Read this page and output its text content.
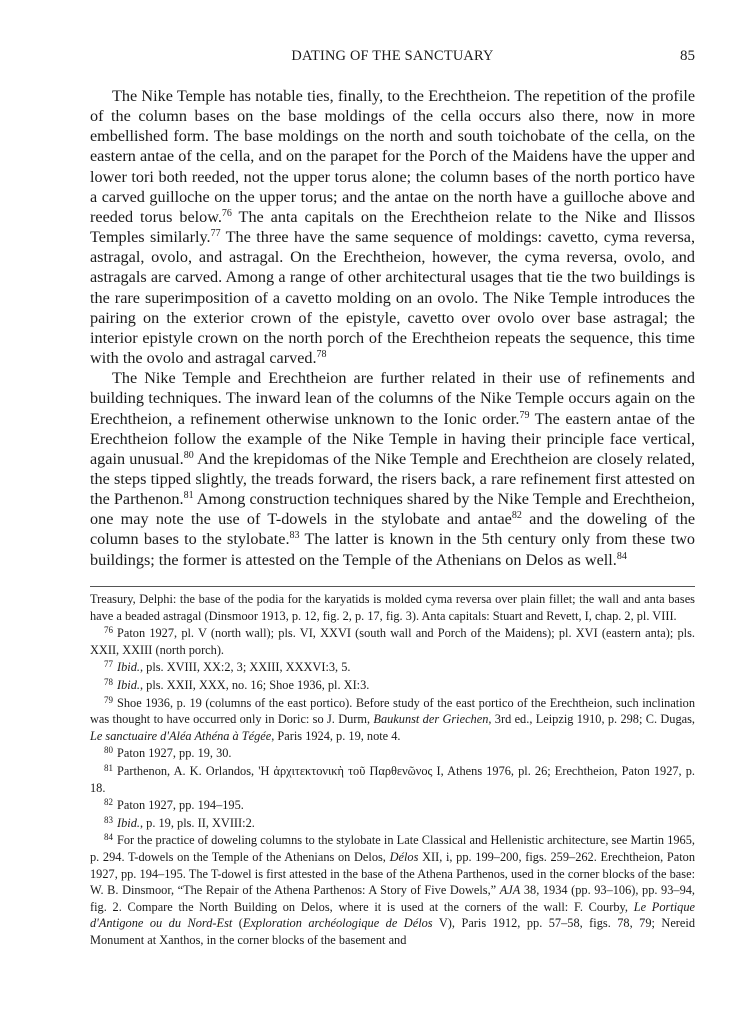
DATING OF THE SANCTUARY	85

The Nike Temple has notable ties, finally, to the Erechtheion. The repetition of the profile of the column bases on the base moldings of the cella occurs also there, now in more embellished form. The base moldings on the north and south toichobate of the cella, on the eastern antae of the cella, and on the parapet for the Porch of the Maidens have the upper and lower tori both reeded, not the upper torus alone; the column bases of the north portico have a carved guilloche on the upper torus; and the antae on the north have a guilloche above and reeded torus below.$^{76}$ The anta capitals on the Erechtheion relate to the Nike and Ilissos Temples similarly.$^{77}$ The three have the same sequence of moldings: cavetto, cyma reversa, astragal, ovolo, and astragal. On the Erechtheion, however, the cyma reversa, ovolo, and astragals are carved. Among a range of other architectural usages that tie the two buildings is the rare superimposition of a cavetto molding on an ovolo. The Nike Temple introduces the pairing on the exterior crown of the epistyle, cavetto over ovolo over base astragal; the interior epistyle crown on the north porch of the Erechtheion repeats the sequence, this time with the ovolo and astragal carved.$^{78}$

The Nike Temple and Erechtheion are further related in their use of refinements and building techniques. The inward lean of the columns of the Nike Temple occurs again on the Erechtheion, a refinement otherwise unknown to the Ionic order.$^{79}$ The eastern antae of the Erechtheion follow the example of the Nike Temple in having their principle face vertical, again unusual.$^{80}$ And the krepidomas of the Nike Temple and Erechtheion are closely related, the steps tipped slightly, the treads forward, the risers back, a rare refinement first attested on the Parthenon.$^{81}$ Among construction techniques shared by the Nike Temple and Erechtheion, one may note the use of T-dowels in the stylobate and antae$^{82}$ and the doweling of the column bases to the stylobate.$^{83}$ The latter is known in the 5th century only from these two buildings; the former is attested on the Temple of the Athenians on Delos as well.$^{84}$

Treasury, Delphi: the base of the podia for the karyatids is molded cyma reversa over plain fillet; the wall and anta bases have a beaded astragal (Dinsmoor 1913, p. 12, fig. 2, p. 17, fig. 3). Anta capitals: Stuart and Revett, I, chap. 2, pl. VIII.

$^{76}$ Paton 1927, pl. V (north wall); pls. VI, XXVI (south wall and Porch of the Maidens); pl. XVI (eastern anta); pls. XXII, XXIII (north porch).

$^{77}$ Ibid., pls. XVIII, XX:2, 3; XXIII, XXXVI:3, 5.

$^{78}$ Ibid., pls. XXII, XXX, no. 16; Shoe 1936, pl. XI:3.

$^{79}$ Shoe 1936, p. 19 (columns of the east portico). Before study of the east portico of the Erechtheion, such inclination was thought to have occurred only in Doric: so J. Durm, Baukunst der Griechen, 3rd ed., Leipzig 1910, p. 298; C. Dugas, Le sanctuaire d'Aléa Athéna à Tégée, Paris 1924, p. 19, note 4.

$^{80}$ Paton 1927, pp. 19, 30.

$^{81}$ Parthenon, A. K. Orlandos, 'Η ἀρχιτεκτονικὴ τοῦ Παρθενῶνος I, Athens 1976, pl. 26; Erechtheion, Paton 1927, p. 18.

$^{82}$ Paton 1927, pp. 194–195.

$^{83}$ Ibid., p. 19, pls. II, XVIII:2.

$^{84}$ For the practice of doweling columns to the stylobate in Late Classical and Hellenistic architecture, see Martin 1965, p. 294. T-dowels on the Temple of the Athenians on Delos, Délos XII, i, pp. 199–200, figs. 259–262. Erechtheion, Paton 1927, pp. 194–195. The T-dowel is first attested in the base of the Athena Parthenos, used in the corner blocks of the base: W. B. Dinsmoor, “The Repair of the Athena Parthenos: A Story of Five Dowels,” AJA 38, 1934 (pp. 93–106), pp. 93–94, fig. 2. Compare the North Building on Delos, where it is used at the corners of the wall: F. Courby, Le Portique d'Antigone ou du Nord-Est (Exploration archéologique de Délos V), Paris 1912, pp. 57–58, figs. 78, 79; Nereid Monument at Xanthos, in the corner blocks of the basement and
